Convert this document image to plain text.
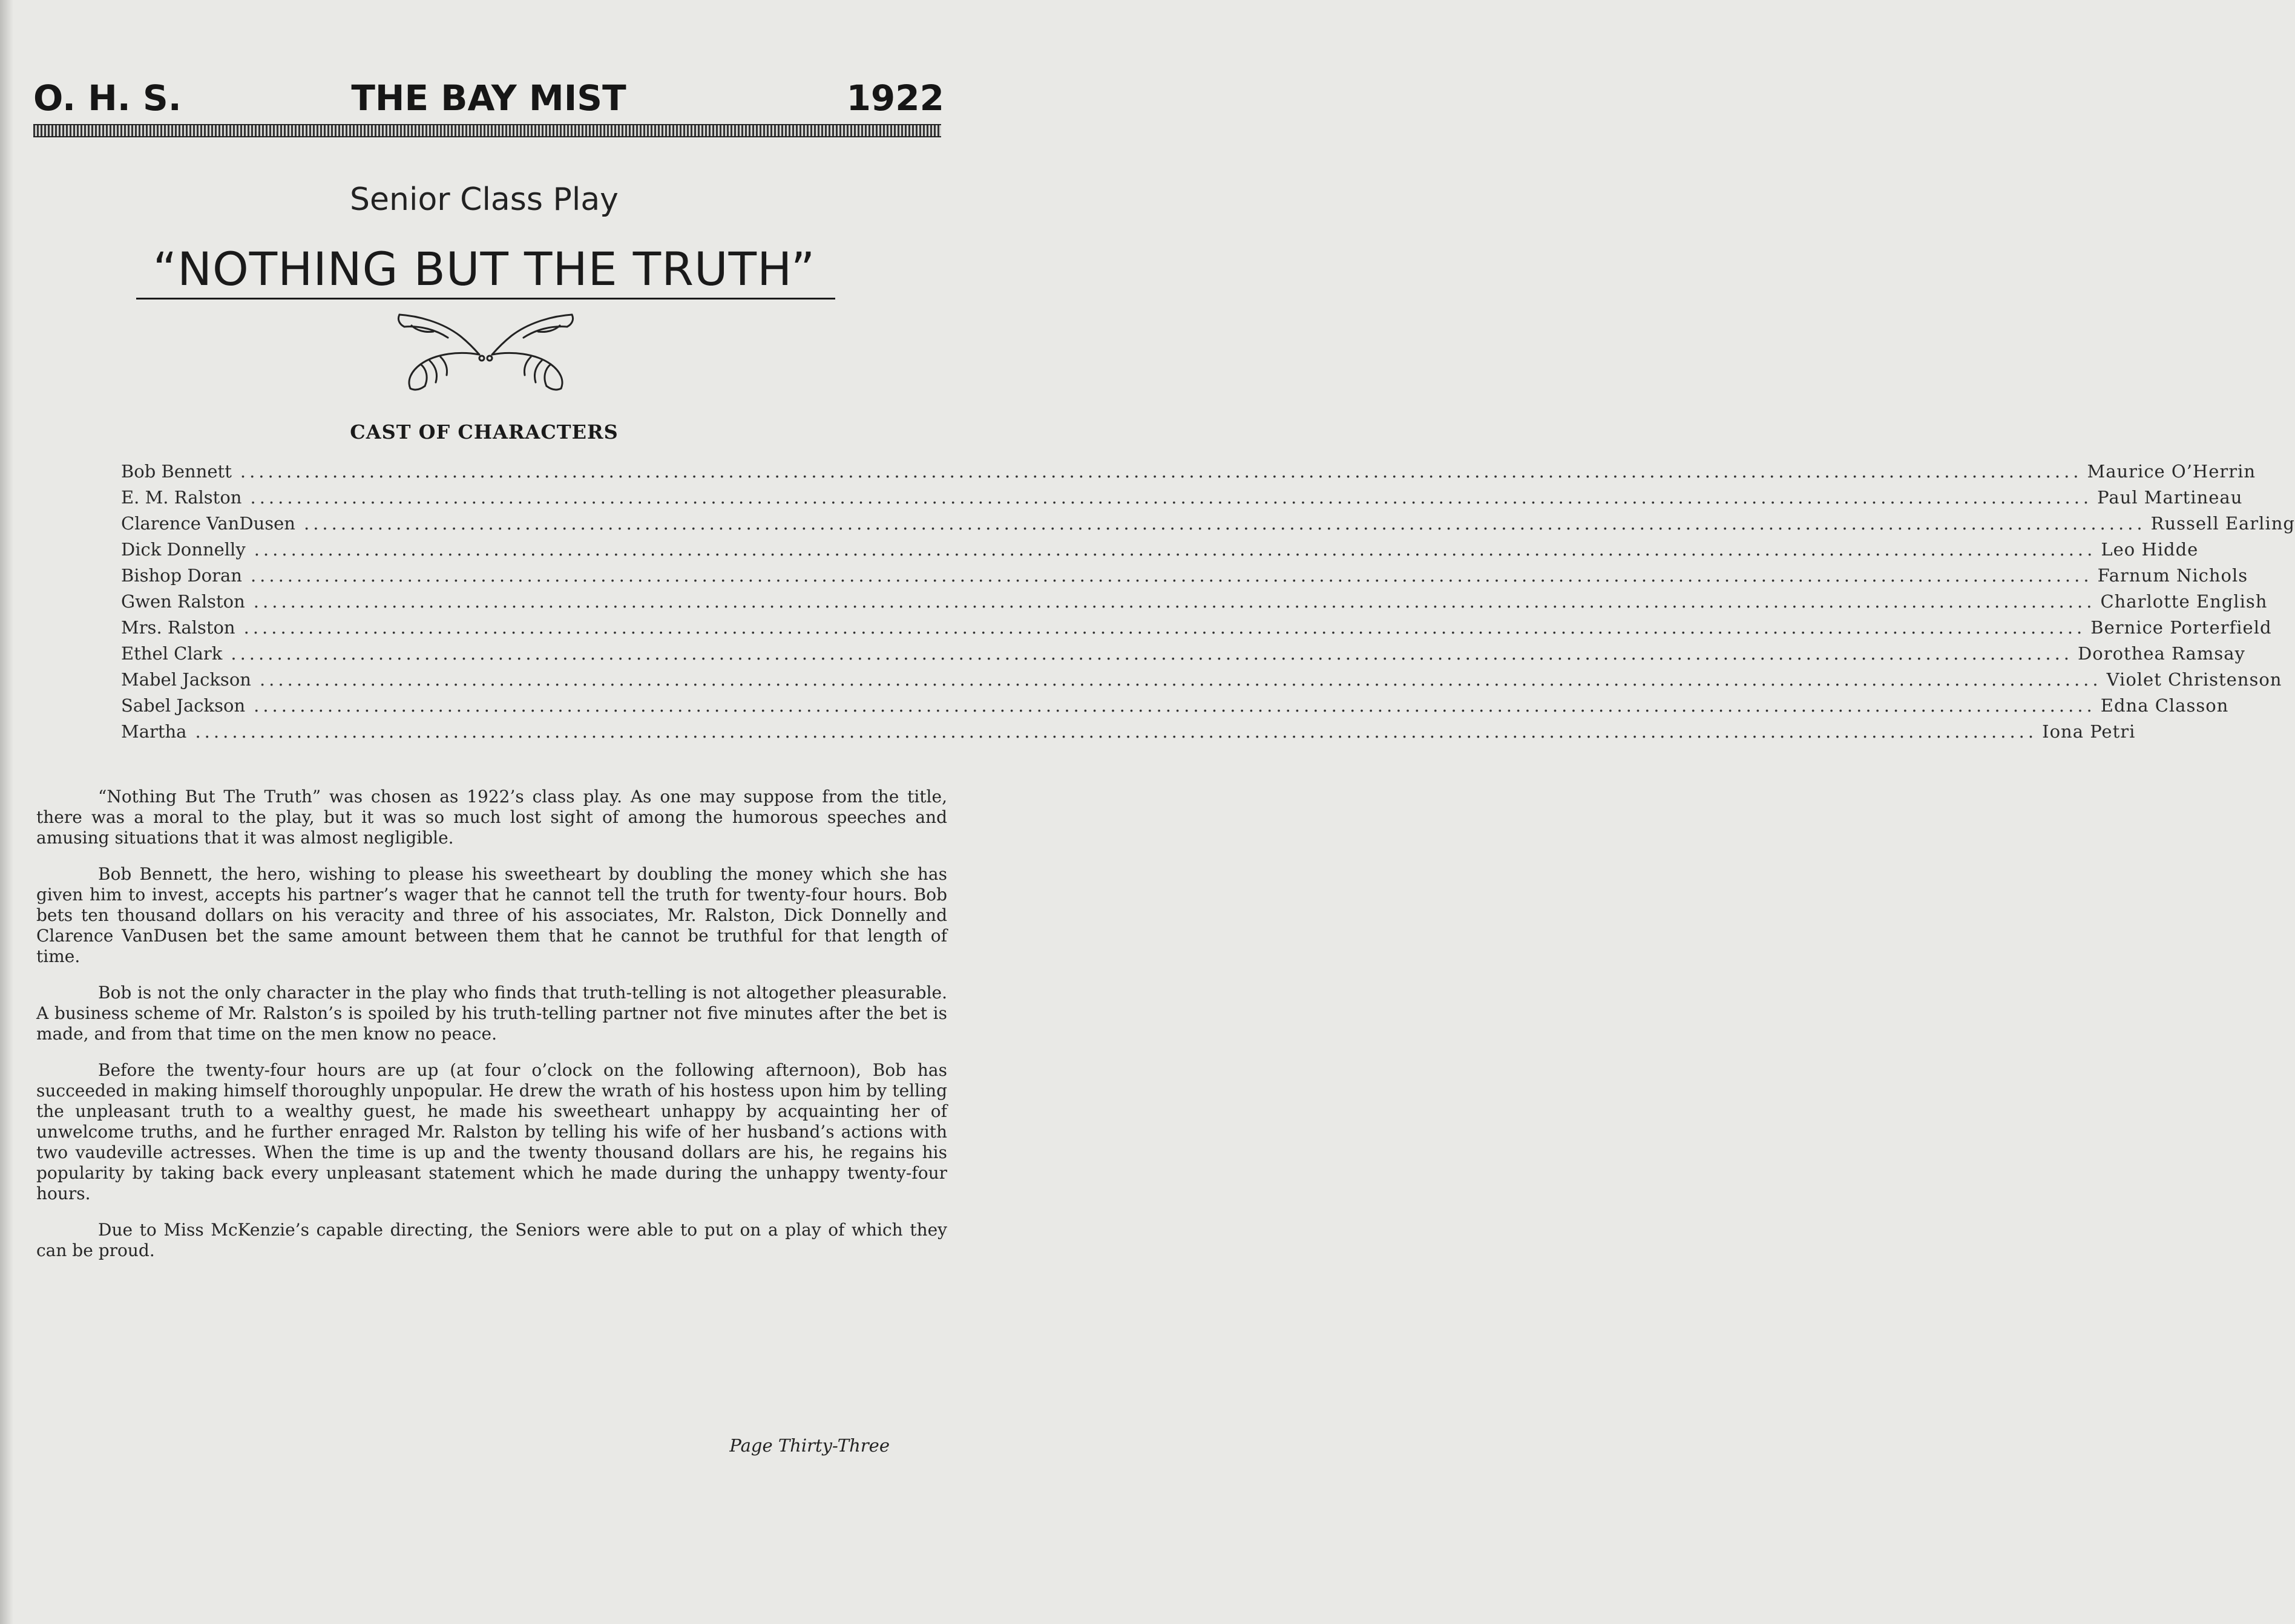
O. H. S.	THE BAY MIST	1922
Senior Class Play
“NOTHING BUT THE TRUTH”
CAST OF CHARACTERS
Bob Bennett ........................................................................................................................................................................................................ Maurice O’Herrin
E. M. Ralston ........................................................................................................................................................................................................ Paul Martineau
Clarence VanDusen ........................................................................................................................................................................................................ Russell Earling
Dick Donnelly ........................................................................................................................................................................................................ Leo Hidde
Bishop Doran ........................................................................................................................................................................................................ Farnum Nichols
Gwen Ralston ........................................................................................................................................................................................................ Charlotte English
Mrs. Ralston ........................................................................................................................................................................................................ Bernice Porterfield
Ethel Clark ........................................................................................................................................................................................................ Dorothea Ramsay
Mabel Jackson ........................................................................................................................................................................................................ Violet Christenson
Sabel Jackson ........................................................................................................................................................................................................ Edna Classon
Martha ........................................................................................................................................................................................................ Iona Petri

“Nothing But The Truth” was chosen as 1922’s class play. As one may suppose from the title, there was a moral to the play, but it was so much lost sight of among the humorous speeches and amusing situations that it was almost negligible.

Bob Bennett, the hero, wishing to please his sweetheart by doubling the money which she has given him to invest, accepts his partner’s wager that he cannot tell the truth for twenty-four hours. Bob bets ten thousand dollars on his veracity and three of his associates, Mr. Ralston, Dick Donnelly and Clarence VanDusen bet the same amount between them that he cannot be truthful for that length of time.

Bob is not the only character in the play who finds that truth-telling is not altogether pleasurable. A business scheme of Mr. Ralston’s is spoiled by his truth-telling partner not five minutes after the bet is made, and from that time on the men know no peace.

Before the twenty-four hours are up (at four o’clock on the following afternoon), Bob has succeeded in making himself thoroughly unpopular. He drew the wrath of his hostess upon him by telling the unpleasant truth to a wealthy guest, he made his sweetheart unhappy by acquainting her of unwelcome truths, and he further enraged Mr. Ralston by telling his wife of her husband’s actions with two vaudeville actresses. When the time is up and the twenty thousand dollars are his, he regains his popularity by taking back every unpleasant statement which he made during the unhappy twenty-four hours.

Due to Miss McKenzie’s capable directing, the Seniors were able to put on a play of which they can be proud.

Page Thirty-Three
